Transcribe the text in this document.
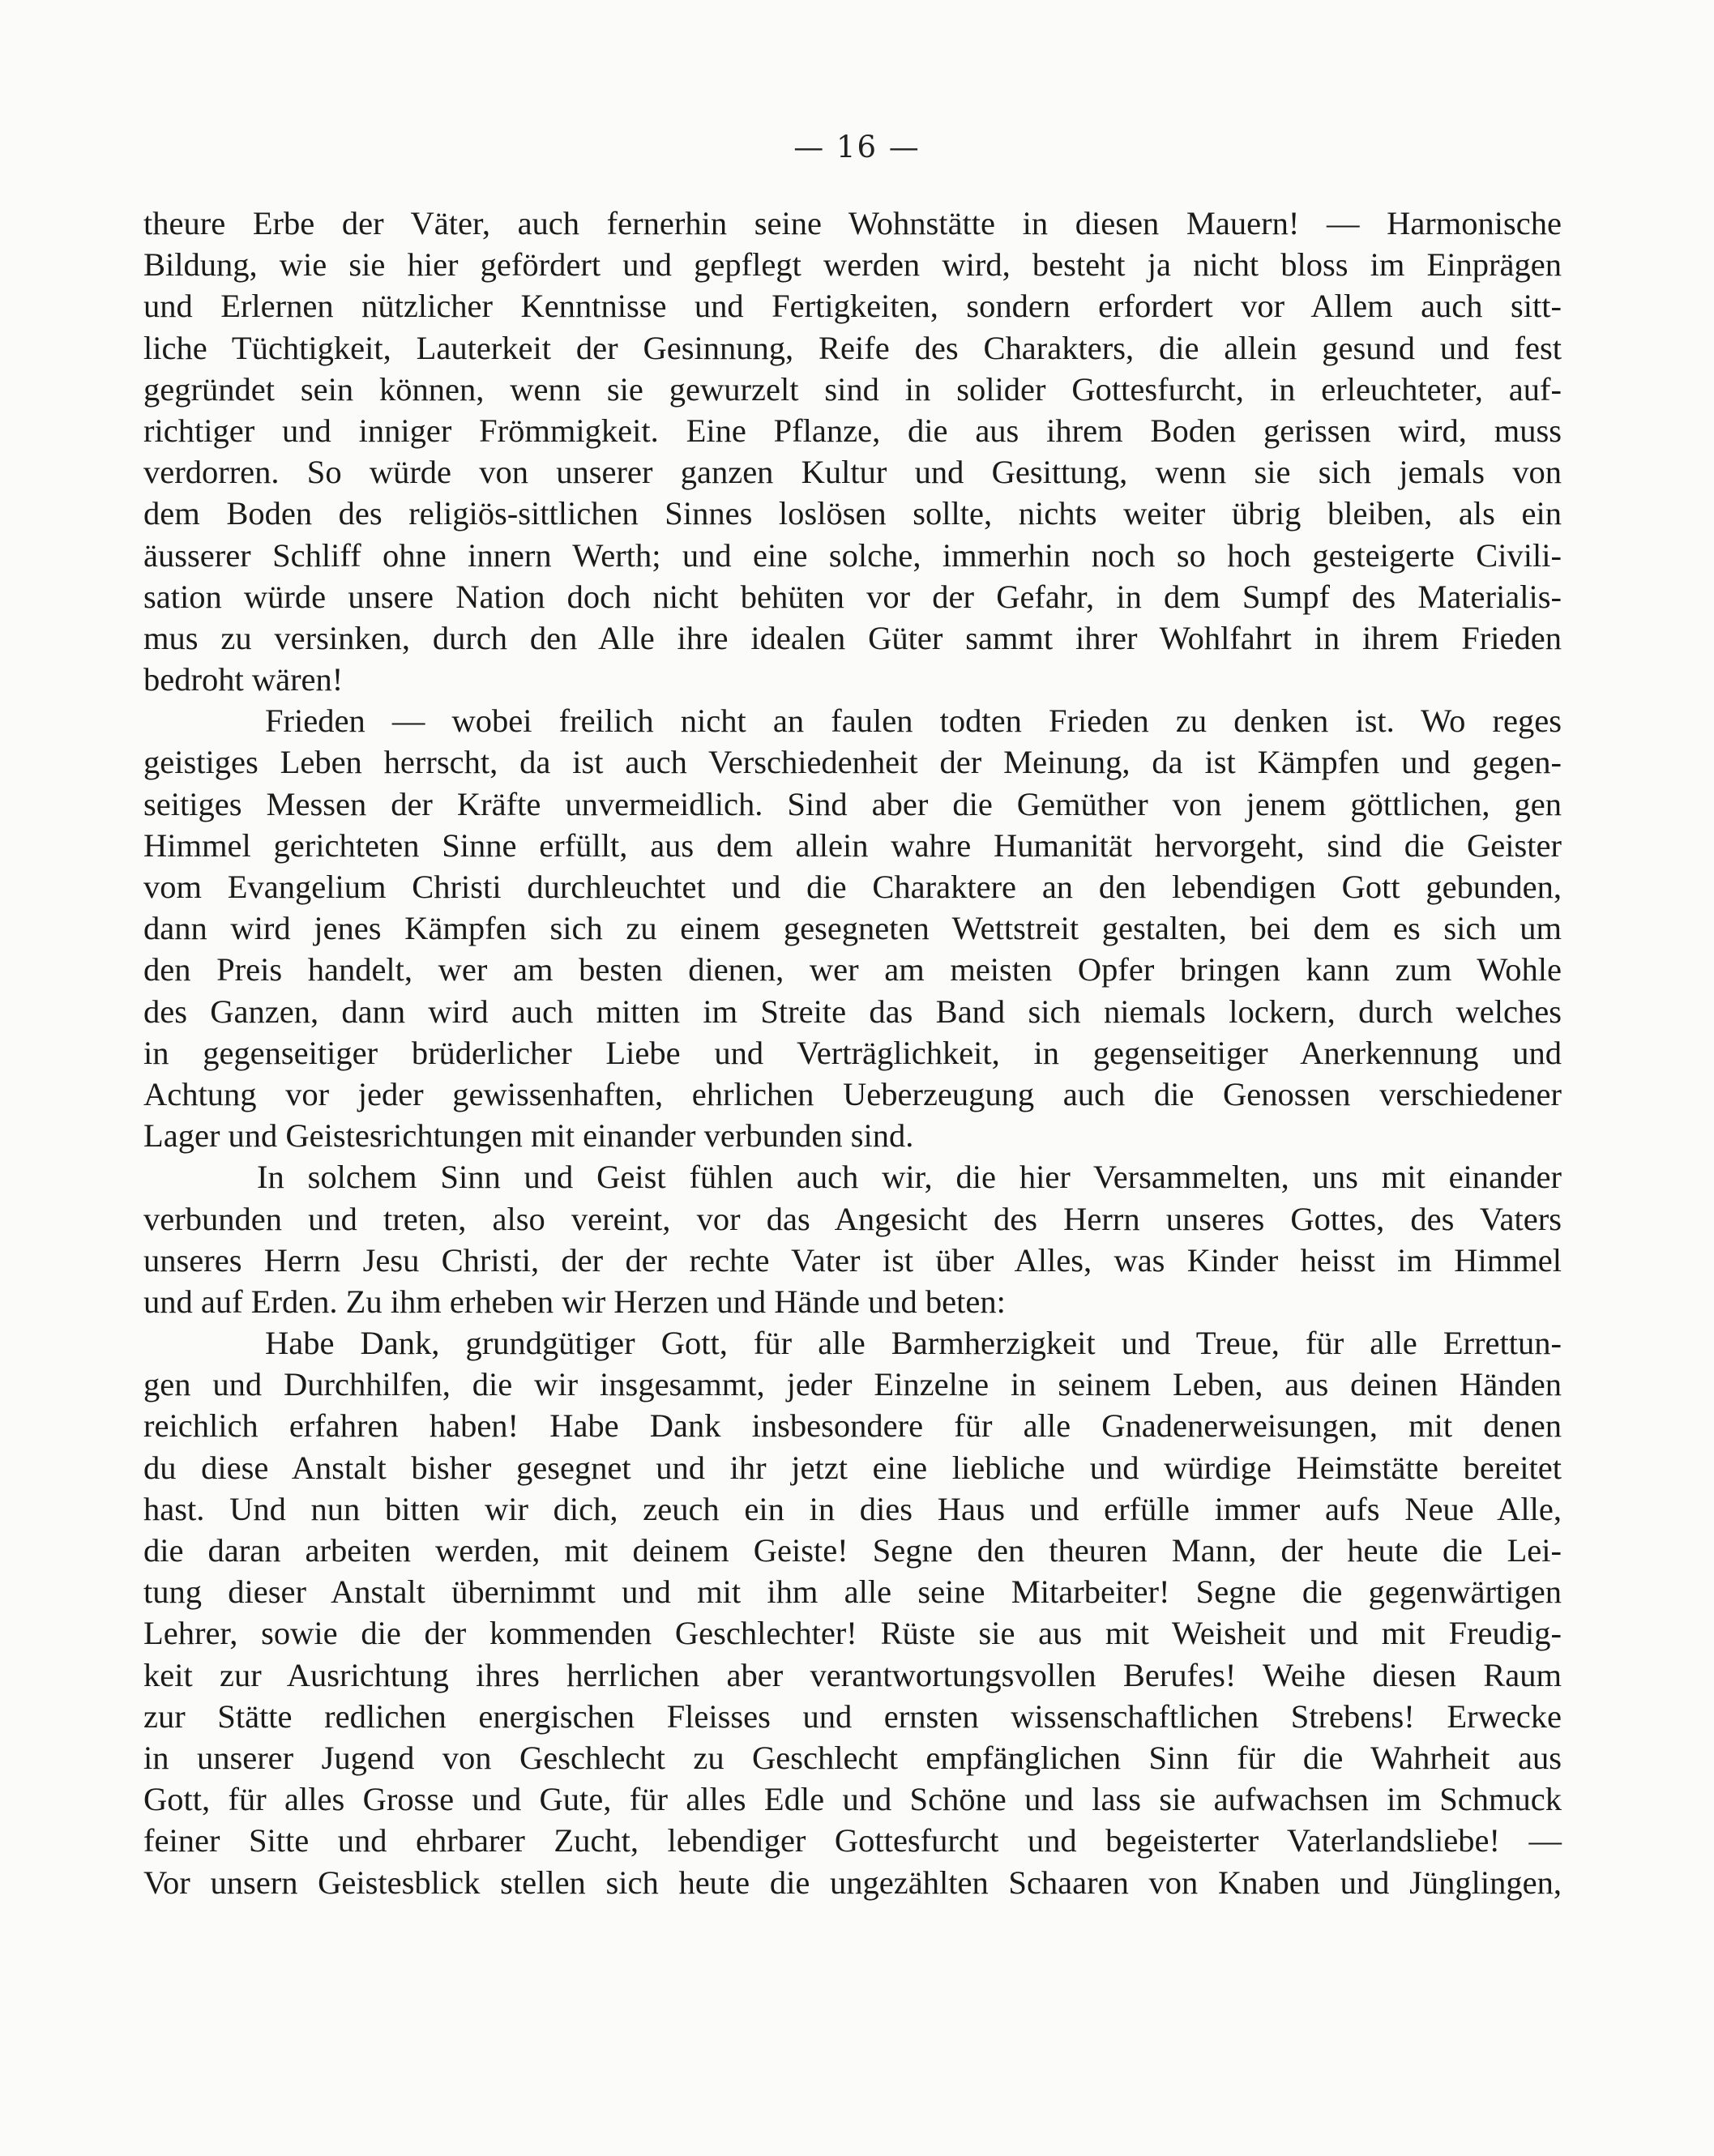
— 16 —
theure Erbe der Väter, auch fernerhin seine Wohnstätte in diesen Mauern! — Harmonische
Bildung, wie sie hier gefördert und gepflegt werden wird, besteht ja nicht bloss im Einprägen
und Erlernen nützlicher Kenntnisse und Fertigkeiten, sondern erfordert vor Allem auch sitt-
liche Tüchtigkeit, Lauterkeit der Gesinnung, Reife des Charakters, die allein gesund und fest
gegründet sein können, wenn sie gewurzelt sind in solider Gottesfurcht, in erleuchteter, auf-
richtiger und inniger Frömmigkeit. Eine Pflanze, die aus ihrem Boden gerissen wird, muss
verdorren. So würde von unserer ganzen Kultur und Gesittung, wenn sie sich jemals von
dem Boden des religiös-sittlichen Sinnes loslösen sollte, nichts weiter übrig bleiben, als ein
äusserer Schliff ohne innern Werth; und eine solche, immerhin noch so hoch gesteigerte Civili-
sation würde unsere Nation doch nicht behüten vor der Gefahr, in dem Sumpf des Materialis-
mus zu versinken, durch den Alle ihre idealen Güter sammt ihrer Wohlfahrt in ihrem Frieden
bedroht wären!
Frieden — wobei freilich nicht an faulen todten Frieden zu denken ist. Wo reges
geistiges Leben herrscht, da ist auch Verschiedenheit der Meinung, da ist Kämpfen und gegen-
seitiges Messen der Kräfte unvermeidlich. Sind aber die Gemüther von jenem göttlichen, gen
Himmel gerichteten Sinne erfüllt, aus dem allein wahre Humanität hervorgeht, sind die Geister
vom Evangelium Christi durchleuchtet und die Charaktere an den lebendigen Gott gebunden,
dann wird jenes Kämpfen sich zu einem gesegneten Wettstreit gestalten, bei dem es sich um
den Preis handelt, wer am besten dienen, wer am meisten Opfer bringen kann zum Wohle
des Ganzen, dann wird auch mitten im Streite das Band sich niemals lockern, durch welches
in gegenseitiger brüderlicher Liebe und Verträglichkeit, in gegenseitiger Anerkennung und
Achtung vor jeder gewissenhaften, ehrlichen Ueberzeugung auch die Genossen verschiedener
Lager und Geistesrichtungen mit einander verbunden sind.
In solchem Sinn und Geist fühlen auch wir, die hier Versammelten, uns mit einander
verbunden und treten, also vereint, vor das Angesicht des Herrn unseres Gottes, des Vaters
unseres Herrn Jesu Christi, der der rechte Vater ist über Alles, was Kinder heisst im Himmel
und auf Erden. Zu ihm erheben wir Herzen und Hände und beten:
Habe Dank, grundgütiger Gott, für alle Barmherzigkeit und Treue, für alle Errettun-
gen und Durchhilfen, die wir insgesammt, jeder Einzelne in seinem Leben, aus deinen Händen
reichlich erfahren haben! Habe Dank insbesondere für alle Gnadenerweisungen, mit denen
du diese Anstalt bisher gesegnet und ihr jetzt eine liebliche und würdige Heimstätte bereitet
hast. Und nun bitten wir dich, zeuch ein in dies Haus und erfülle immer aufs Neue Alle,
die daran arbeiten werden, mit deinem Geiste! Segne den theuren Mann, der heute die Lei-
tung dieser Anstalt übernimmt und mit ihm alle seine Mitarbeiter! Segne die gegenwärtigen
Lehrer, sowie die der kommenden Geschlechter! Rüste sie aus mit Weisheit und mit Freudig-
keit zur Ausrichtung ihres herrlichen aber verantwortungsvollen Berufes! Weihe diesen Raum
zur Stätte redlichen energischen Fleisses und ernsten wissenschaftlichen Strebens! Erwecke
in unserer Jugend von Geschlecht zu Geschlecht empfänglichen Sinn für die Wahrheit aus
Gott, für alles Grosse und Gute, für alles Edle und Schöne und lass sie aufwachsen im Schmuck
feiner Sitte und ehrbarer Zucht, lebendiger Gottesfurcht und begeisterter Vaterlandsliebe! —
Vor unsern Geistesblick stellen sich heute die ungezählten Schaaren von Knaben und Jünglingen,
